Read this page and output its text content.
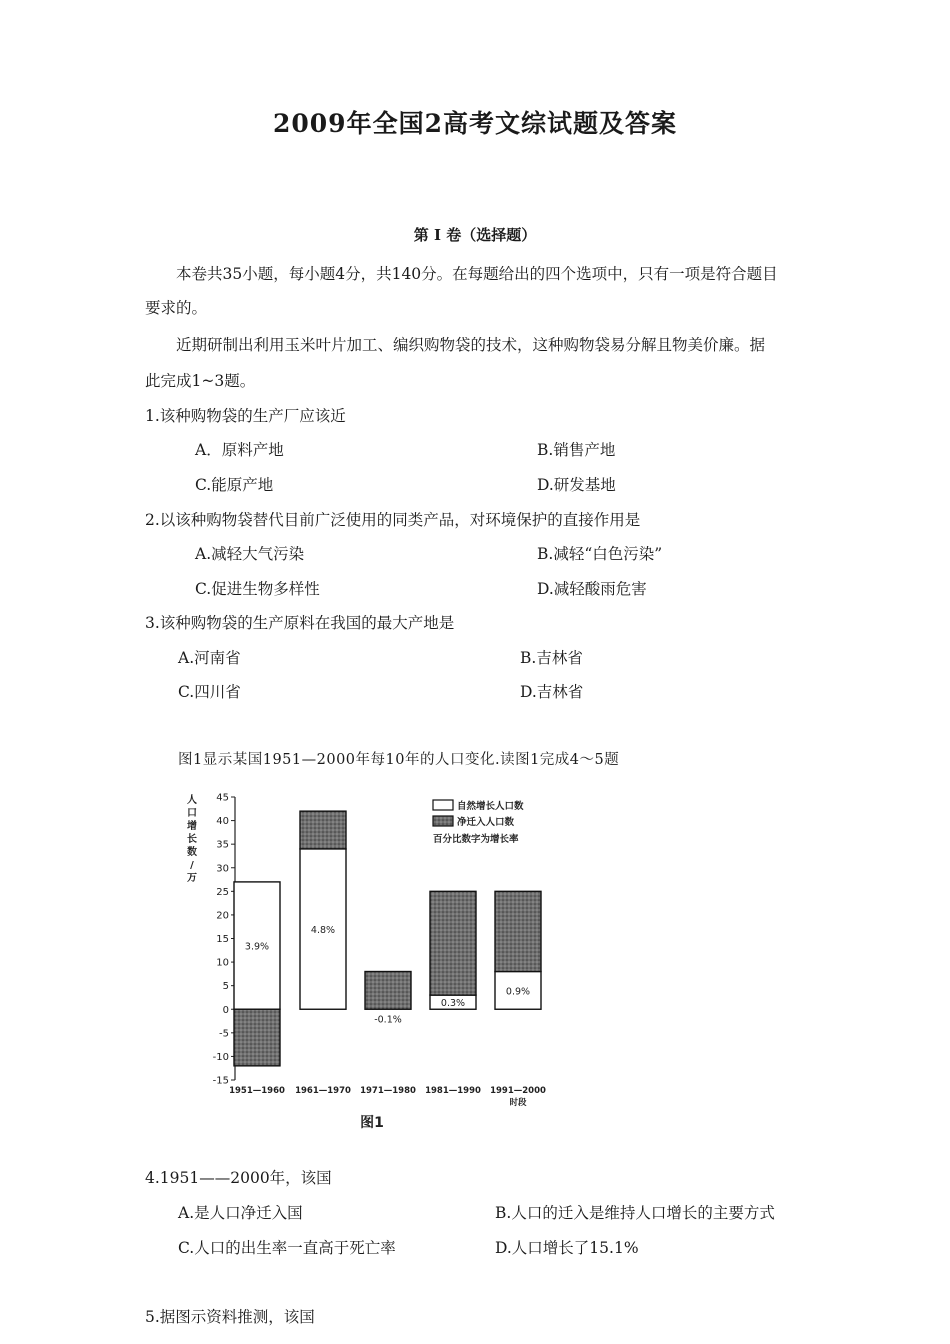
2009年全国2高考文综试题及答案
第 I 卷（选择题）
本卷共35小题，每小题4分，共140分。在每题给出的四个选项中，只有一项是符合题目
要求的。
近期研制出利用玉米叶片加工、编织购物袋的技术，这种购物袋易分解且物美价廉。据
此完成1~3题。
1.该种购物袋的生产厂应该近
A．原料产地	B.销售产地
C.能原产地	D.研发基地
2.以该种购物袋替代目前广泛使用的同类产品，对环境保护的直接作用是
A.减轻大气污染	B.减轻“白色污染”
C.促进生物多样性	D.减轻酸雨危害
3.该种购物袋的生产原料在我国的最大产地是
A.河南省	B.吉林省
C.四川省	D.吉林省
图1显示某国1951—2000年每10年的人口变化.读图1完成4～5题
-15
-10
-5
0
5
10
15
20
25
30
35
40
45
人
口
增
长
数
/
万
3.9%
1951—1960
4.8%
1961—1970
-0.1%
1971—1980
0.3%
1981—1990
0.9%
1991—2000
时段
自然增长人口数
净迁入人口数
百分比数字为增长率
图1
4.1951——2000年，该国
A.是人口净迁入国	B.人口的迁入是维持人口增长的主要方式
C.人口的出生率一直高于死亡率	D.人口增长了15.1%
5.据图示资料推测，该国
